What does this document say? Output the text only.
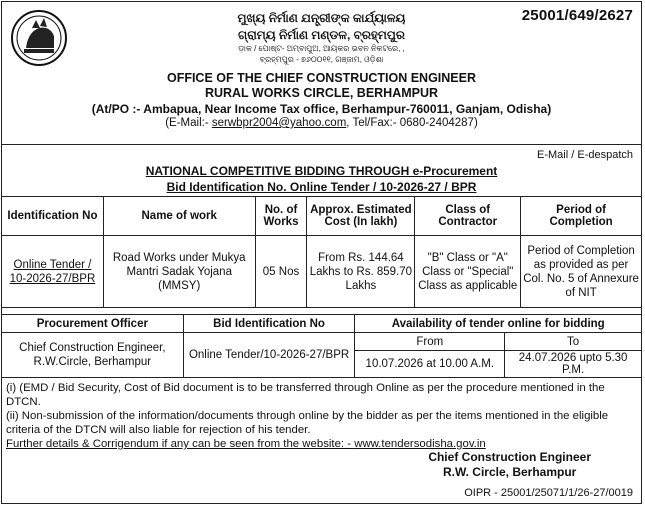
25001/649/2627
ମୁଖ୍ୟ ନିର୍ମାଣ ଯନ୍ତ୍ରୀଙ୍କ କାର୍ଯ୍ୟାଳୟ
ଗ୍ରାମ୍ୟ ନିର୍ମାଣ ମଣ୍ଡଳ, ବ୍ରହ୍ମପୁର
ଡ଼ାକ / ପୋଷ୍ଟ- ଅମ୍ବାପୁଅ, ଆୟକର ଭବନ ନିକଟରେ, ,
ବ୍ରହ୍ମପୁର - ୭୬୦୦୧୧, ଗଞ୍ଜାମ, ଓଡ଼ିଶା
OFFICE OF THE CHIEF CONSTRUCTION ENGINEER
RURAL WORKS CIRCLE, BERHAMPUR
(At/PO :- Ambapua, Near Income Tax office, Berhampur-760011, Ganjam, Odisha)
(E-Mail:- serwbpr2004@yahoo.com, Tel/Fax:- 0680-2404287)
E-Mail / E-despatch
NATIONAL COMPETITIVE BIDDING THROUGH e-Procurement
Bid Identification No. Online Tender / 10-2026-27 / BPR
Identification No	Name of work	No. of Works	Approx. Estimated Cost (In lakh)	Class of Contractor	Period of Completion
Online Tender / 10-2026-27/BPR	Road Works under Mukya Mantri Sadak Yojana (MMSY)	05 Nos	From Rs. 144.64 Lakhs to Rs. 859.70 Lakhs	"B" Class or "A" Class or "Special" Class as applicable	Period of Completion as provided as per Col. No. 5 of Annexure of NIT
Procurement Officer	Bid Identification No	Availability of tender online for bidding	
Chief Construction Engineer, R.W.Circle, Berhampur	Online Tender/10-2026-27/BPR	From	To
		10.07.2026 at 10.00 A.M.	24.07.2026 upto 5.30 P.M.
(i) (EMD / Bid Security, Cost of Bid document is to be transferred through Online as per the procedure mentioned in the DTCN.
(ii) Non-submission of the information/documents through online by the bidder as per the items mentioned in the eligible criteria of the DTCN will also liable for rejection of his tender.
Further details & Corrigendum if any can be seen from the website: - www.tendersodisha.gov.in
Chief Construction Engineer
R.W. Circle, Berhampur
OIPR - 25001/25071/1/26-27/0019
